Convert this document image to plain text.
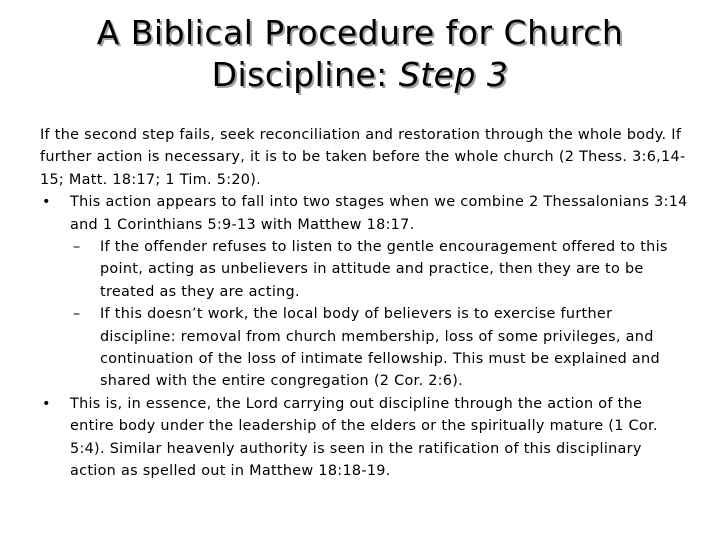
A Biblical Procedure for Church
Discipline: Step 3

If the second step fails, seek reconciliation and restoration through the whole body. If further action is necessary, it is to be taken before the whole church (2 Thess. 3:6,14-15; Matt. 18:17; 1 Tim. 5:20).

•	This action appears to fall into two stages when we combine 2 Thessalonians 3:14 and 1 Corinthians 5:9-13 with Matthew 18:17.
– If the offender refuses to listen to the gentle encouragement offered to this point, acting as unbelievers in attitude and practice, then they are to be treated as they are acting.
– If this doesn’t work, the local body of believers is to exercise further discipline: removal from church membership, loss of some privileges, and continuation of the loss of intimate fellowship. This must be explained and shared with the entire congregation (2 Cor. 2:6).
•	This is, in essence, the Lord carrying out discipline through the action of the entire body under the leadership of the elders or the spiritually mature (1 Cor. 5:4). Similar heavenly authority is seen in the ratification of this disciplinary action as spelled out in Matthew 18:18-19.
